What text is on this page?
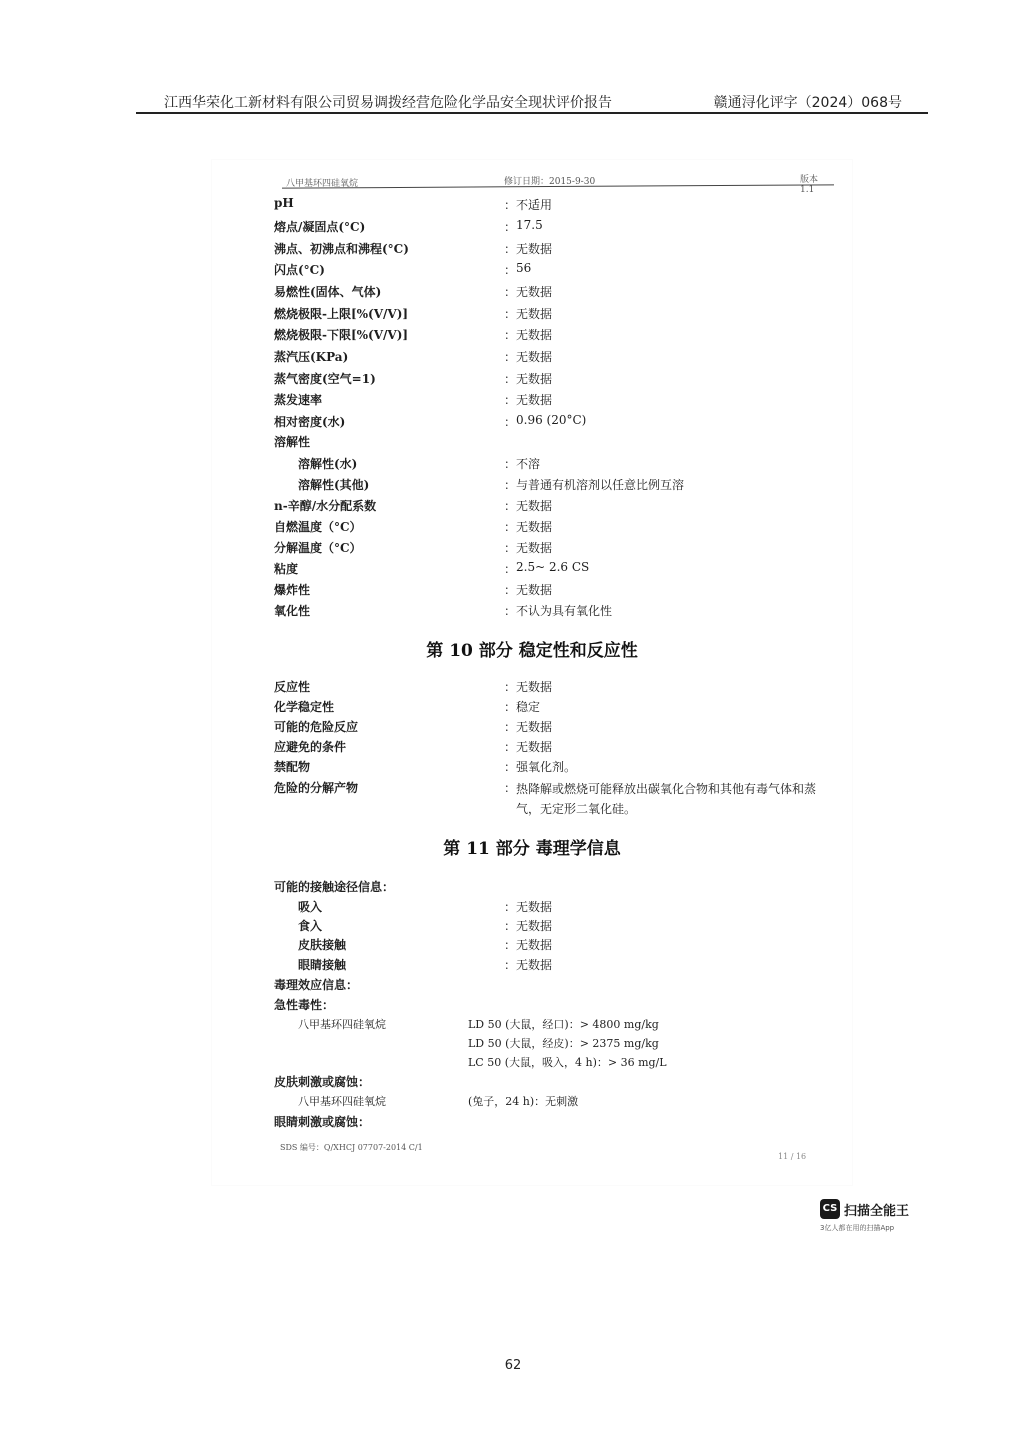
江西华荣化工新材料有限公司贸易调拨经营危险化学品安全现状评价报告	赣通浔化评字（2024）068号
八甲基环四硅氧烷	修订日期：2015-9-30	版本 1.1
pH	： 不适用
熔点/凝固点(°C)	： 17.5
沸点、初沸点和沸程(°C)	： 无数据
闪点(°C)	： 56
易燃性(固体、气体)	： 无数据
燃烧极限-上限[%(V/V)]	： 无数据
燃烧极限-下限[%(V/V)]	： 无数据
蒸汽压(KPa)	： 无数据
蒸气密度(空气=1)	： 无数据
蒸发速率	： 无数据
相对密度(水)	： 0.96 (20°C)
溶解性
溶解性(水)	： 不溶
溶解性(其他)	： 与普通有机溶剂以任意比例互溶
n-辛醇/水分配系数	： 无数据
自燃温度（°C）	： 无数据
分解温度（°C）	： 无数据
粘度	： 2.5~ 2.6 CS
爆炸性	： 无数据
氧化性	： 不认为具有氧化性
第 10 部分 稳定性和反应性
反应性	： 无数据
化学稳定性	： 稳定
可能的危险反应	： 无数据
应避免的条件	： 无数据
禁配物	： 强氧化剂。
危险的分解产物	： 热降解或燃烧可能释放出碳氧化合物和其他有毒气体和蒸气，无定形二氧化硅。
第 11 部分 毒理学信息
可能的接触途径信息：
吸入	： 无数据
食入	： 无数据
皮肤接触	： 无数据
眼睛接触	： 无数据
毒理效应信息：
急性毒性：
八甲基环四硅氧烷	LD 50 (大鼠，经口)：> 4800 mg/kg
LD 50 (大鼠，经皮)：> 2375 mg/kg
LC 50 (大鼠，吸入，4 h)：> 36 mg/L
皮肤刺激或腐蚀：
八甲基环四硅氧烷	(兔子，24 h)：无刺激
眼睛刺激或腐蚀：
SDS 编号：Q/XHCJ 07707-2014 C/1
11 / 16
CS 扫描全能王
3亿人都在用的扫描App
62
